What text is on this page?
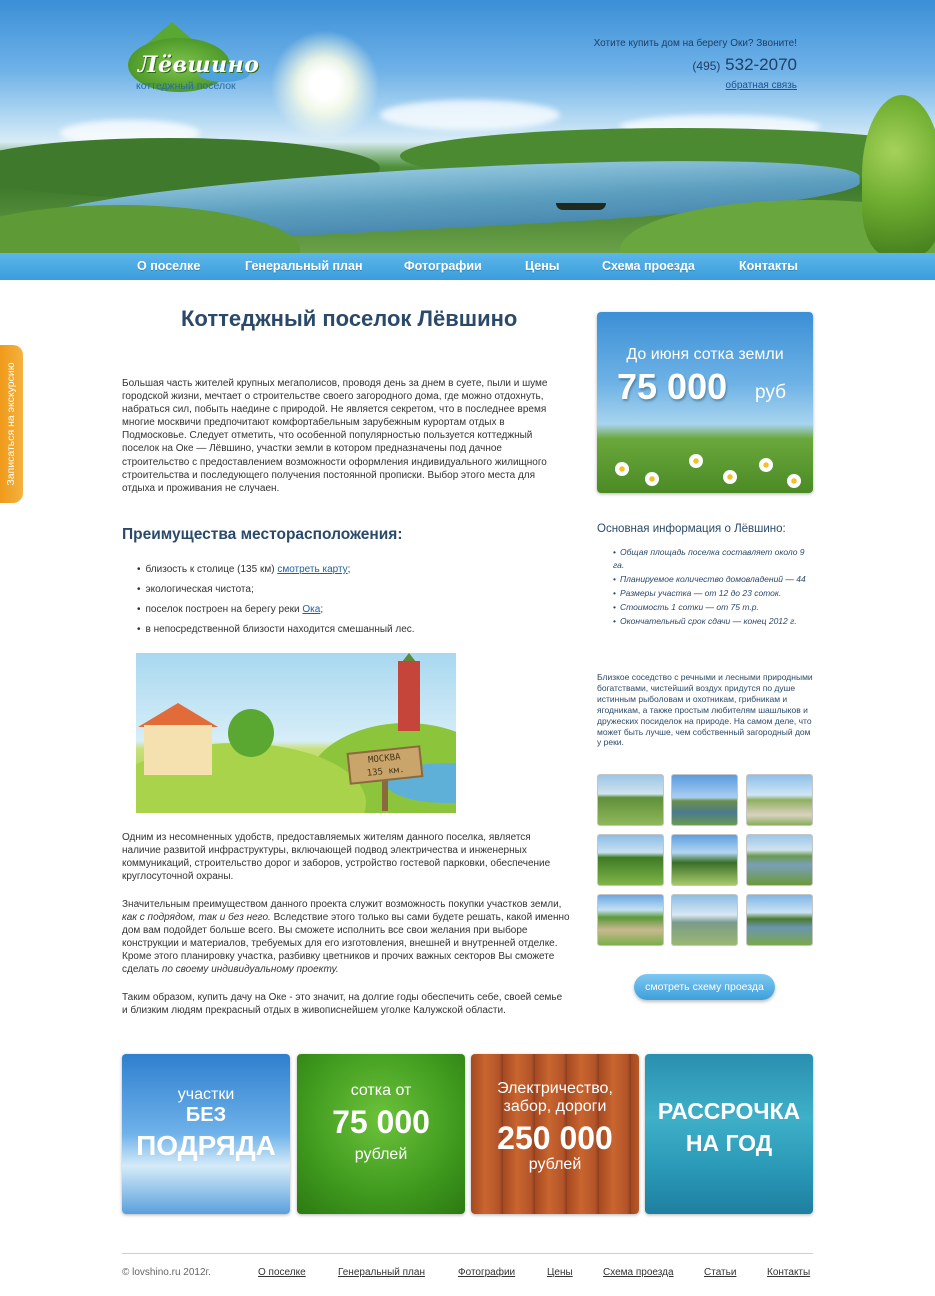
Лёвшино
коттеджный поселок
Хотите купить дом на берегу Оки? Звоните!
(495) 532-2070
обратная связь
О поселке	Генеральный план	Фотографии	Цены	Схема проезда	Контакты
Записаться на экскурсию
Коттеджный поселок Лёвшино

Большая часть жителей крупных мегаполисов, проводя день за днем в суете, пыли и шуме городской жизни, мечтает о строительстве своего загородного дома, где можно отдохнуть, набраться сил, побыть наедине с природой. Не является секретом, что в последнее время многие москвичи предпочитают комфортабельным зарубежным курортам отдых в Подмосковье. Следует отметить, что особенной популярностью пользуется коттеджный поселок на Оке — Лёвшино, участки земли в котором предназначены под дачное строительство с предоставлением возможности оформления индивидуального жилищного строительства и последующего получения постоянной прописки. Выбор этого места для отдыха и проживания не случаен.

Преимущества месторасположения:
• близость к столице (135 км) смотреть карту;
• экологическая чистота;
• поселок построен на берегу реки Ока;
• в непосредственной близости находится смешанный лес.
МОСКВА
135 км.

Одним из несомненных удобств, предоставляемых жителям данного поселка, является наличие развитой инфраструктуры, включающей подвод электричества и инженерных коммуникаций, строительство дорог и заборов, устройство гостевой парковки, обеспечение круглосуточной охраны.

Значительным преимуществом данного проекта служит возможность покупки участков земли, как с подрядом, так и без него. Вследствие этого только вы сами будете решать, какой именно дом вам подойдет больше всего. Вы сможете исполнить все свои желания при выборе конструкции и материалов, требуемых для его изготовления, внешней и внутренней отделке. Кроме этого планировку участка, разбивку цветников и прочих важных секторов Вы сможете сделать по своему индивидуальному проекту.

Таким образом, купить дачу на Оке - это значит, на долгие годы обеспечить себе, своей семье и близким людям прекрасный отдых в живописнейшем уголке Калужской области.

До июня сотка земли
75 000 руб
Основная информация о Лёвшино:
• Общая площадь поселка составляет около 9 га.
• Планируемое количество домовладений — 44
• Размеры участка — от 12 до 23 соток.
• Стоимость 1 сотки — от 75 т.р.
• Окончательный срок сдачи — конец 2012 г.

Близкое соседство с речными и лесными природными богатствами, чистейший воздух придутся по душе истинным рыболовам и охотникам, грибникам и ягодникам, а также простым любителям шашлыков и дружеских посиделок на природе. На самом деле, что может быть лучше, чем собственный загородный дом у реки.

смотреть схему проезда
участки
БЕЗ
ПОДРЯДА
сотка от
75 000
рублей
Электричество, забор, дороги
250 000
рублей
РАССРОЧКА
НА ГОД
© lovshino.ru 2012г.	О поселке	Генеральный план	Фотографии	Цены	Схема проезда	Статьи	Контакты
